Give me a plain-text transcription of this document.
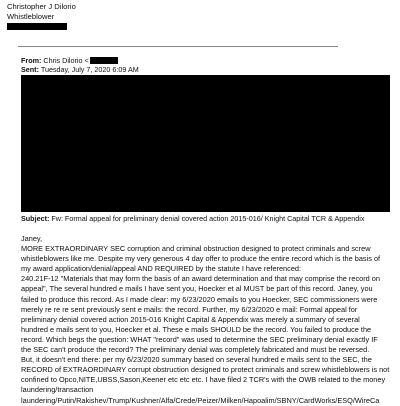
Christopher J Dilorio
Whistleblower
From: Chris Dilorio <
Sent: Tuesday, July 7, 2020 6:09 AM
Subject: Fw: Formal appeal for preliminary denial covered action 2015-016/ Knight Capital TCR & Appendix
Janey,
MORE EXTRAORDINARY SEC corruption and criminal obstruction designed to protect criminals and screw
whistleblowers like me. Despite my very generous 4 day offer to produce the entire record which is the basis of
my award application/denial/appeal AND REQUIRED by the statute I have referenced:
240.21F-12 "Materials that may form the basis of an award determination and that may comprise the record on
appeal", The several hundred e mails I have sent you, Hoecker et al MUST be part of this record. Janey, you
failed to produce this record. As I made clear: my 6/23/2020 emails to you Hoecker, SEC commissioners were
merely re re re sent previously sent e mails: the record. Further, my 6/23/2020 e mail: Formal appeal for
preliminary denial covered action 2015-016 Knight Capital & Appendix was merely a summary of several
hundred e mails sent to you, Hoecker et al. These e mails SHOULD be the record. You failed to produce the
record. Which begs the question: WHAT "record" was used to determine the SEC preliminary denial exactly IF
the SEC can't produce the record? The preliminary denial was completely fabricated and must be reversed.
But, it doesn't end there: per my 6/23/2020 summary based on several hundred e mails sent to the SEC, the
RECORD of EXTRAORDINARY corrupt obstruction designed to protect criminals and screw whistleblowers is not
confined to Opco,NITE,UBSS,Sason,Keener etc etc etc. I have filed 2 TCR's with the OWB related to the money
laundering/transaction
laundering/Putin/Rakishev/Trump/Kushner/Alfa/Crede/Peizer/Milken/Hapoalim/SBNY/CardWorks/ESQ/WireCa
